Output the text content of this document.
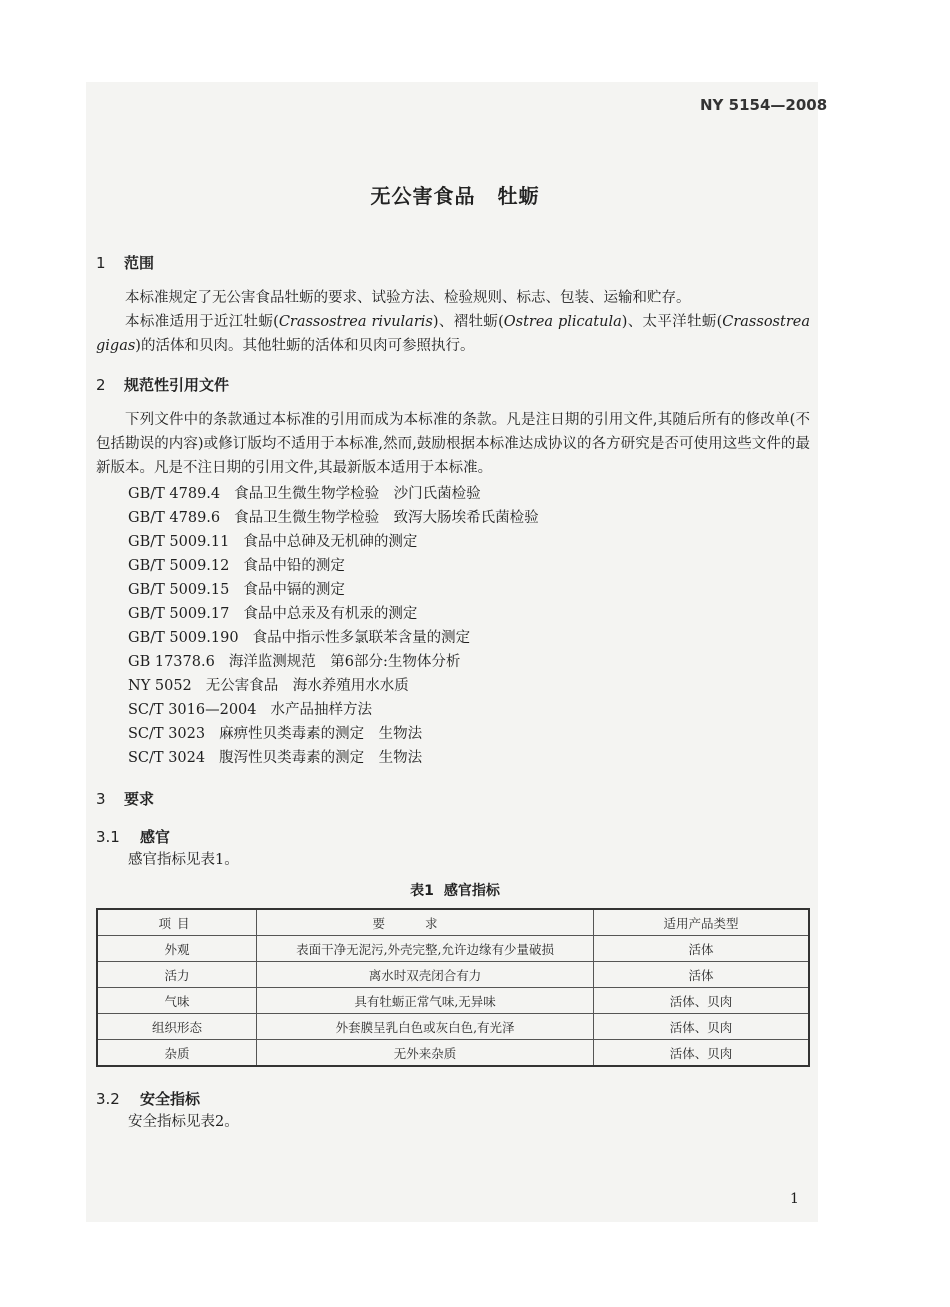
NY 5154—2008
无公害食品 牡蛎
1 范围

本标准规定了无公害食品牡蛎的要求、试验方法、检验规则、标志、包装、运输和贮存。

本标准适用于近江牡蛎(Crassostrea rivularis)、褶牡蛎(Ostrea plicatula)、太平洋牡蛎(Crassostrea gigas)的活体和贝肉。其他牡蛎的活体和贝肉可参照执行。

2 规范性引用文件

下列文件中的条款通过本标准的引用而成为本标准的条款。凡是注日期的引用文件,其随后所有的修改单(不包括勘误的内容)或修订版均不适用于本标准,然而,鼓励根据本标准达成协议的各方研究是否可使用这些文件的最新版本。凡是不注日期的引用文件,其最新版本适用于本标准。

GB/T 4789.4 食品卫生微生物学检验　沙门氏菌检验
GB/T 4789.6 食品卫生微生物学检验　致泻大肠埃希氏菌检验
GB/T 5009.11 食品中总砷及无机砷的测定
GB/T 5009.12 食品中铅的测定
GB/T 5009.15 食品中镉的测定
GB/T 5009.17 食品中总汞及有机汞的测定
GB/T 5009.190 食品中指示性多氯联苯含量的测定
GB 17378.6 海洋监测规范　第6部分:生物体分析
NY 5052 无公害食品　海水养殖用水水质
SC/T 3016—2004 水产品抽样方法
SC/T 3023 麻痹性贝类毒素的测定　生物法
SC/T 3024 腹泻性贝类毒素的测定　生物法
3 要求
3.1 感官
感官指标见表1。
表1 感官指标
项目	要求	适用产品类型
外观	表面干净无泥污,外壳完整,允许边缘有少量破损	活体
活力	离水时双壳闭合有力	活体
气味	具有牡蛎正常气味,无异味	活体、贝肉
组织形态	外套膜呈乳白色或灰白色,有光泽	活体、贝肉
杂质	无外来杂质	活体、贝肉
3.2 安全指标
安全指标见表2。
1
